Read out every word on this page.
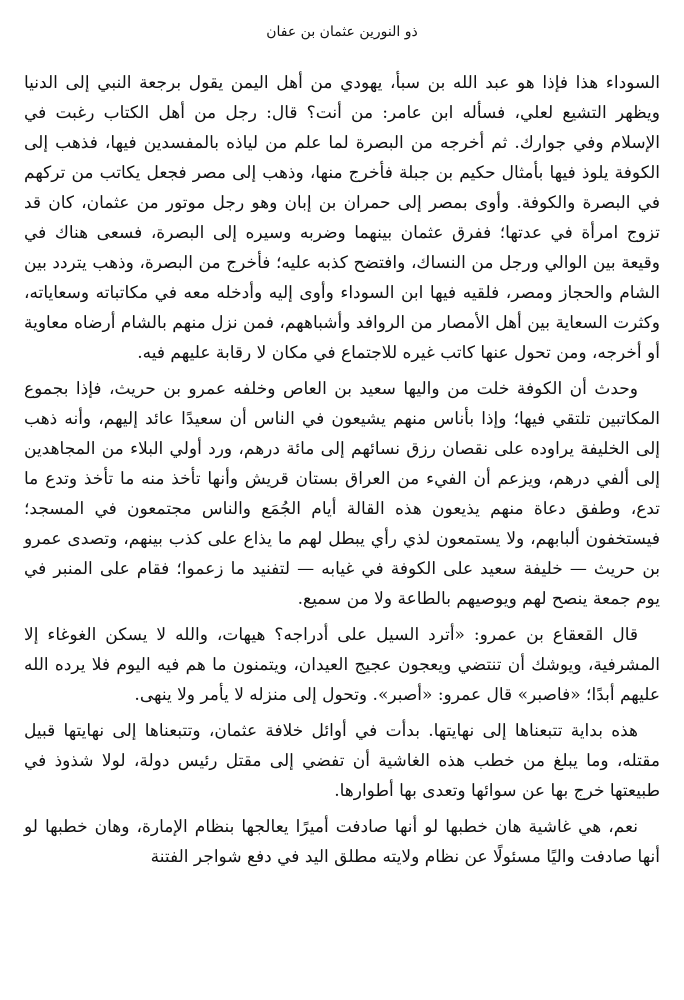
ذو النورين عثمان بن عفان

السوداء هذا فإذا هو عبد الله بن سبأ، يهودي من أهل اليمن يقول برجعة النبي إلى الدنيا ويظهر التشيع لعلي، فسأله ابن عامر: من أنت؟ قال: رجل من أهل الكتاب رغبت في الإسلام وفي جوارك. ثم أخرجه من البصرة لما علم من لياذه بالمفسدين فيها، فذهب إلى الكوفة يلوذ فيها بأمثال حكيم بن جبلة فأخرج منها، وذهب إلى مصر فجعل يكاتب من تركهم في البصرة والكوفة. وأوى بمصر إلى حمران بن إبان وهو رجل موتور من عثمان، كان قد تزوج امرأة في عدتها؛ ففرق عثمان بينهما وضربه وسيره إلى البصرة، فسعى هناك في وقيعة بين الوالي ورجل من النساك، وافتضح كذبه عليه؛ فأخرج من البصرة، وذهب يتردد بين الشام والحجاز ومصر، فلقيه فيها ابن السوداء وأوى إليه وأدخله معه في مكاتباته وسعاياته، وكثرت السعاية بين أهل الأمصار من الروافد وأشباههم، فمن نزل منهم بالشام أرضاه معاوية أو أخرجه، ومن تحول عنها كاتب غيره للاجتماع في مكان لا رقابة عليهم فيه.

وحدث أن الكوفة خلت من واليها سعيد بن العاص وخلفه عمرو بن حريث، فإذا بجموع المكاتبين تلتقي فيها؛ وإذا بأناس منهم يشيعون في الناس أن سعيدًا عائد إليهم، وأنه ذهب إلى الخليفة يراوده على نقصان رزق نسائهم إلى مائة درهم، ورد أولي البلاء من المجاهدين إلى ألفي درهم، ويزعم أن الفيء من العراق بستان قريش وأنها تأخذ منه ما تأخذ وتدع ما تدع، وطفق دعاة منهم يذيعون هذه القالة أيام الجُمَع والناس مجتمعون في المسجد؛ فيستخفون ألبابهم، ولا يستمعون لذي رأي يبطل لهم ما يذاع على كذب بينهم، وتصدى عمرو بن حريث — خليفة سعيد على الكوفة في غيابه — لتفنيد ما زعموا؛ فقام على المنبر في يوم جمعة ينصح لهم ويوصيهم بالطاعة ولا من سميع.

قال القعقاع بن عمرو: «أترد السيل على أدراجه؟ هيهات، والله لا يسكن الغوغاء إلا المشرفية، ويوشك أن تنتضي ويعجون عجيج العيدان، ويتمنون ما هم فيه اليوم فلا يرده الله عليهم أبدًا؛ «فاصبر» قال عمرو: «أصبر». وتحول إلى منزله لا يأمر ولا ينهى.

هذه بداية تتبعناها إلى نهايتها. بدأت في أوائل خلافة عثمان، وتتبعناها إلى نهايتها قبيل مقتله، وما يبلغ من خطب هذه الغاشية أن تفضي إلى مقتل رئيس دولة، لولا شذوذ في طبيعتها خرج بها عن سوائها وتعدى بها أطوارها.

نعم، هي غاشية هان خطبها لو أنها صادفت أميرًا يعالجها بنظام الإمارة، وهان خطبها لو أنها صادفت واليًا مسئولًا عن نظام ولايته مطلق اليد في دفع شواجر الفتنة
